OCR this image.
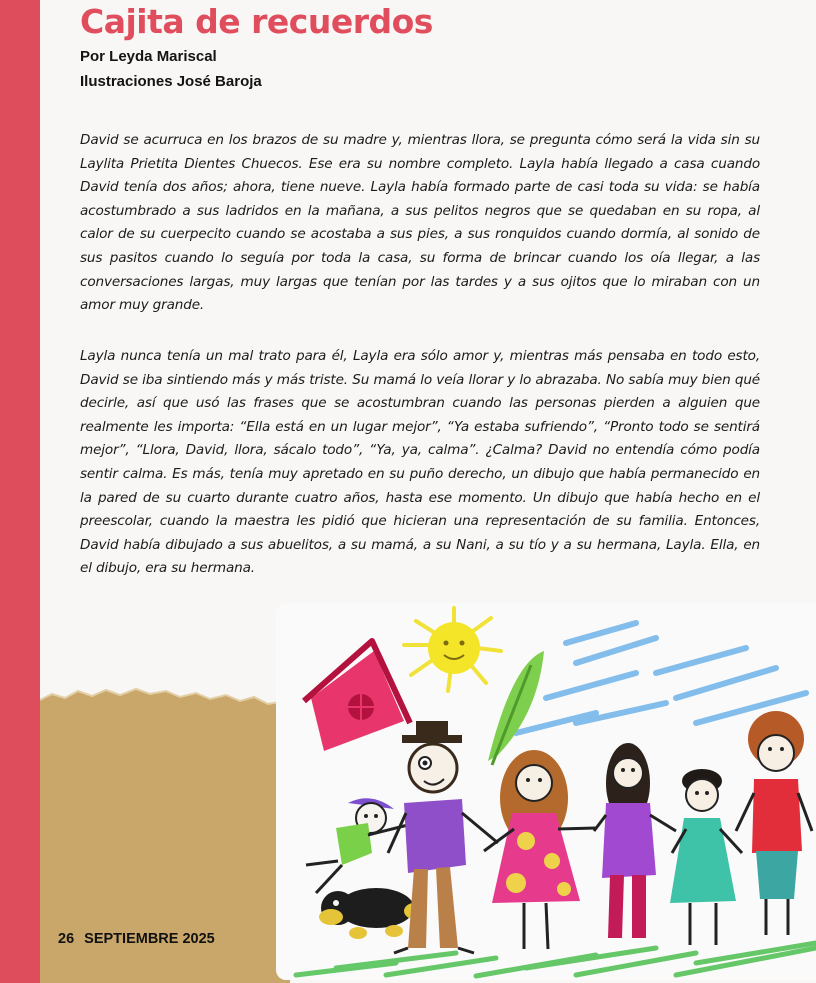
Cajita de recuerdos
Por Leyda Mariscal
Ilustraciones José Baroja

David se acurruca en los brazos de su madre y, mientras llora, se pregunta cómo será la vida sin su Laylita Prietita Dientes Chuecos. Ese era su nombre completo. Layla había llegado a casa cuando David tenía dos años; ahora, tiene nueve. Layla había formado parte de casi toda su vida: se había acostumbrado a sus ladridos en la mañana, a sus pelitos negros que se quedaban en su ropa, al calor de su cuerpecito cuando se acostaba a sus pies, a sus ronquidos cuando dormía, al sonido de sus pasitos cuando lo seguía por toda la casa, su forma de brincar cuando los oía llegar, a las conversaciones largas, muy largas que tenían por las tardes y a sus ojitos que lo miraban con un amor muy grande.

Layla nunca tenía un mal trato para él, Layla era sólo amor y, mientras más pensaba en todo esto, David se iba sintiendo más y más triste. Su mamá lo veía llorar y lo abrazaba. No sabía muy bien qué decirle, así que usó las frases que se acostumbran cuando las personas pierden a alguien que realmente les importa: “Ella está en un lugar mejor”, “Ya estaba sufriendo”, “Pronto todo se sentirá mejor”, “Llora, David, llora, sácalo todo”, “Ya, ya, calma”. ¿Calma? David no entendía cómo podía sentir calma. Es más, tenía muy apretado en su puño derecho, un dibujo que había permanecido en la pared de su cuarto durante cuatro años, hasta ese momento. Un dibujo que había hecho en el preescolar, cuando la maestra les pidió que hicieran una representación de su familia. Entonces, David había dibujado a sus abuelitos, a su mamá, a su Nani, a su tío y a su hermana, Layla. Ella, en el dibujo, era su hermana.

26 SEPTIEMBRE 2025
